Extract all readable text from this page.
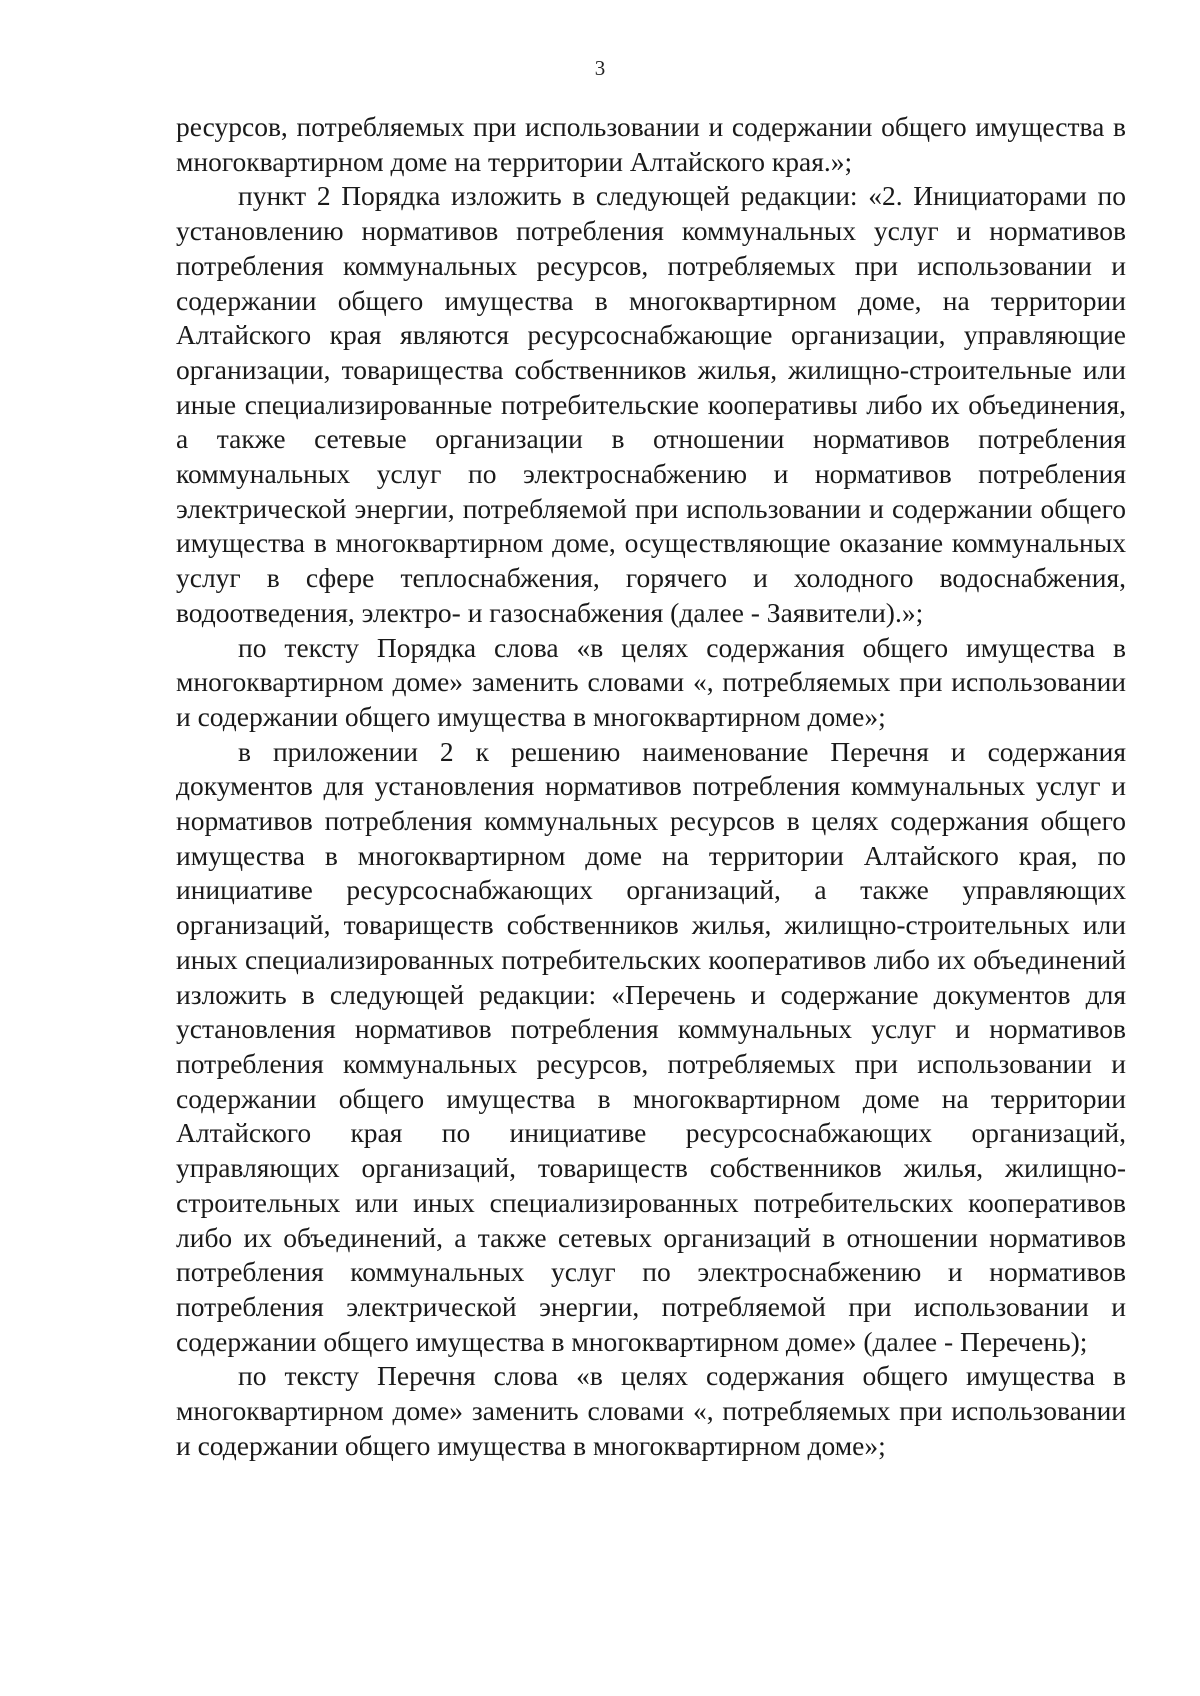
3

ресурсов, потребляемых при использовании и содержании общего имущества в многоквартирном доме на территории Алтайского края.»;

пункт 2 Порядка изложить в следующей редакции: «2. Инициаторами по установлению нормативов потребления коммунальных услуг и нормативов потребления коммунальных ресурсов, потребляемых при использовании и содержании общего имущества в многоквартирном доме, на территории Алтайского края являются ресурсоснабжающие организации, управляющие организации, товарищества собственников жилья, жилищно-строительные или иные специализированные потребительские кооперативы либо их объединения, а также сетевые организации в отношении нормативов потребления коммунальных услуг по электроснабжению и нормативов потребления электрической энергии, потребляемой при использовании и содержании общего имущества в многоквартирном доме, осуществляющие оказание коммунальных услуг в сфере теплоснабжения, горячего и холодного водоснабжения, водоотведения, электро- и газоснабжения (далее - Заявители).»;

по тексту Порядка слова «в целях содержания общего имущества в многоквартирном доме» заменить словами «, потребляемых при использовании и содержании общего имущества в многоквартирном доме»;

в приложении 2 к решению наименование Перечня и содержания документов для установления нормативов потребления коммунальных услуг и нормативов потребления коммунальных ресурсов в целях содержания общего имущества в многоквартирном доме на территории Алтайского края, по инициативе ресурсоснабжающих организаций, а также управляющих организаций, товариществ собственников жилья, жилищно-строительных или иных специализированных потребительских кооперативов либо их объединений изложить в следующей редакции: «Перечень и содержание документов для установления нормативов потребления коммунальных услуг и нормативов потребления коммунальных ресурсов, потребляемых при использовании и содержании общего имущества в многоквартирном доме на территории Алтайского края по инициативе ресурсоснабжающих организаций, управляющих организаций, товариществ собственников жилья, жилищно-строительных или иных специализированных потребительских кооперативов либо их объединений, а также сетевых организаций в отношении нормативов потребления коммунальных услуг по электроснабжению и нормативов потребления электрической энергии, потребляемой при использовании и содержании общего имущества в многоквартирном доме» (далее - Перечень);

по тексту Перечня слова «в целях содержания общего имущества в многоквартирном доме» заменить словами «, потребляемых при использовании и содержании общего имущества в многоквартирном доме»;
